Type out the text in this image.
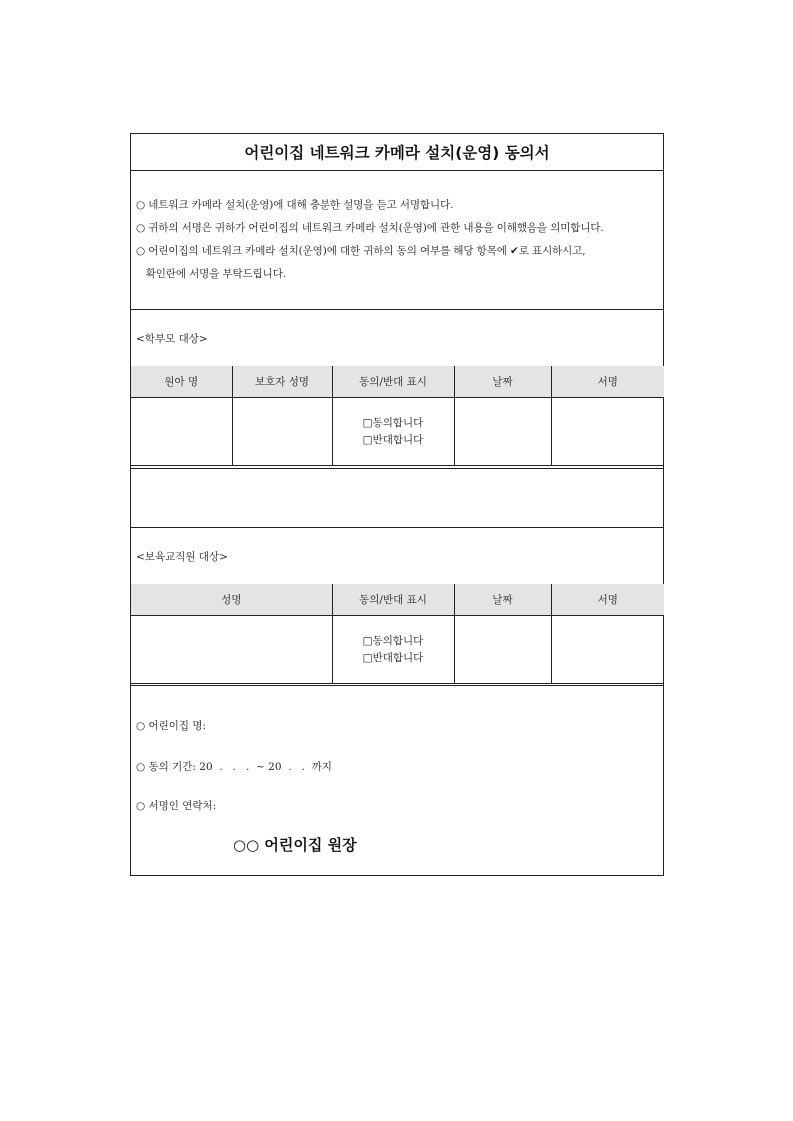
어린이집 네트워크 카메라 설치(운영) 동의서
○ 네트워크 카메라 설치(운영)에 대해 충분한 설명을 듣고 서명합니다.
○ 귀하의 서명은 귀하가 어린이집의 네트워크 카메라 설치(운영)에 관한 내용을 이해했음을 의미합니다.
○ 어린이집의 네트워크 카메라 설치(운영)에 대한 귀하의 동의 여부를 해당 항목에 ✔로 표시하시고,
확인란에 서명을 부탁드립니다.
<학부모 대상>
원아 명	보호자 성명	동의/반대 표시	날짜	서명

		□동의합니다
□반대합니다		

<보육교직원 대상>
성명	동의/반대 표시	날짜	서명

	□동의합니다
□반대합니다		

○ 어린이집 명:
○ 동의 기간: 20  .   .   .  ~ 20  .   .  까지
○ 서명인 연락처:
○○ 어린이집 원장
